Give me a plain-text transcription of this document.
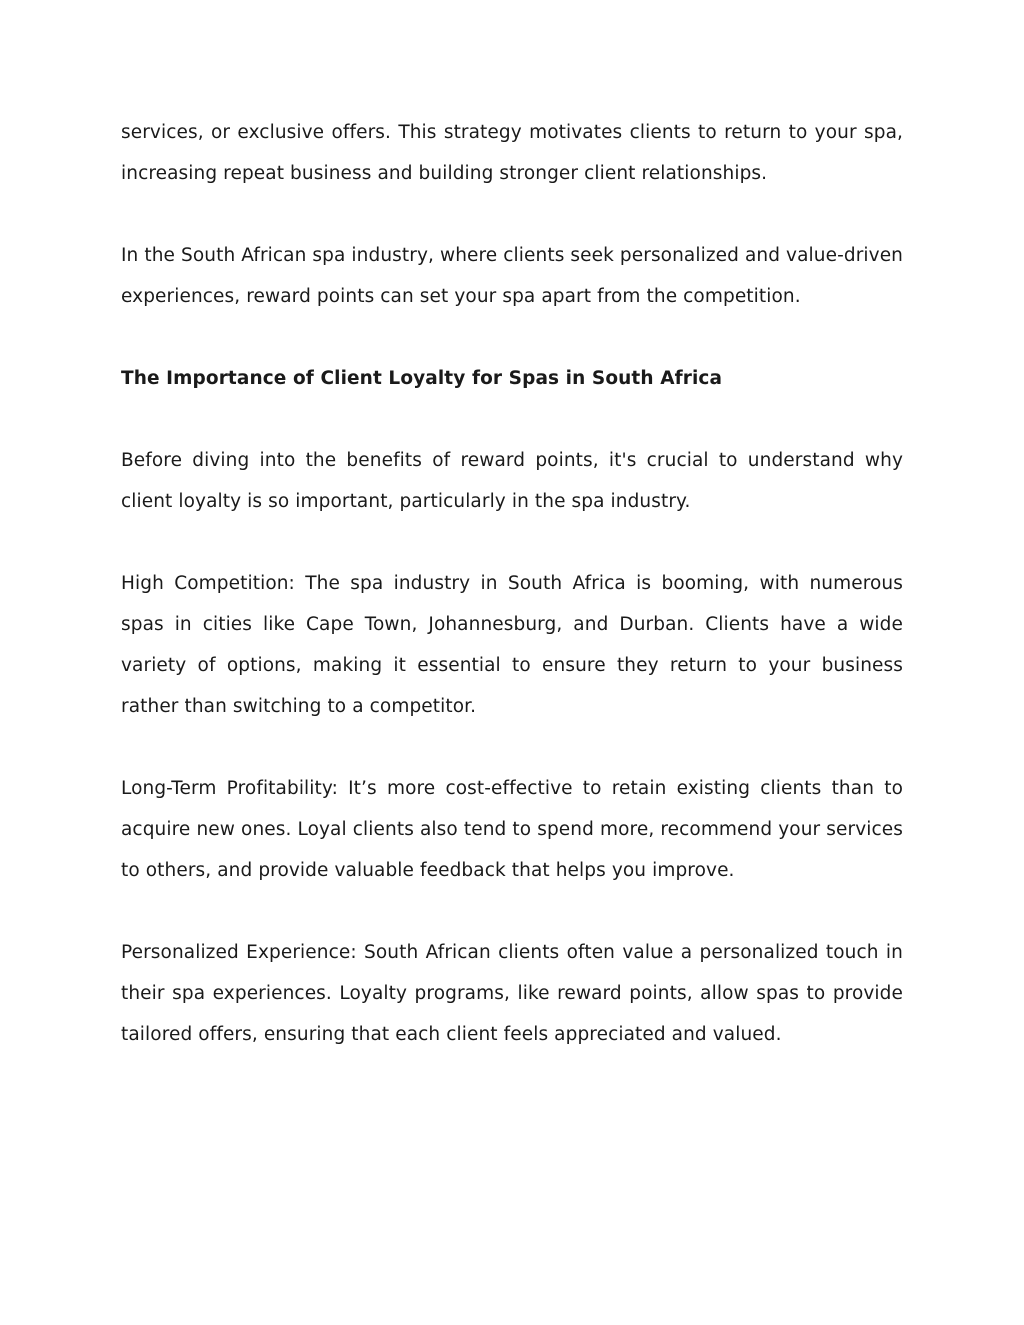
services, or exclusive offers. This strategy motivates clients to return to your spa, increasing repeat business and building stronger client relationships.

In the South African spa industry, where clients seek personalized and value-driven experiences, reward points can set your spa apart from the competition.

The Importance of Client Loyalty for Spas in South Africa

Before diving into the benefits of reward points, it's crucial to understand why client loyalty is so important, particularly in the spa industry.

High Competition: The spa industry in South Africa is booming, with numerous spas in cities like Cape Town, Johannesburg, and Durban. Clients have a wide variety of options, making it essential to ensure they return to your business rather than switching to a competitor.

Long-Term Profitability: It’s more cost-effective to retain existing clients than to acquire new ones. Loyal clients also tend to spend more, recommend your services to others, and provide valuable feedback that helps you improve.

Personalized Experience: South African clients often value a personalized touch in their spa experiences. Loyalty programs, like reward points, allow spas to provide tailored offers, ensuring that each client feels appreciated and valued.
